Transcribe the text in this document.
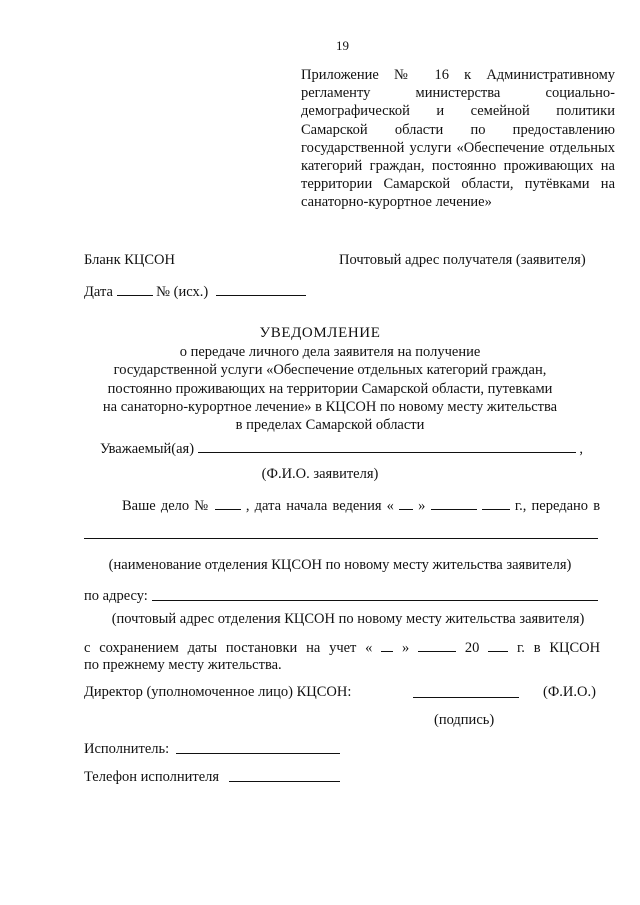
19
Приложение № 16 к Административному регламенту министерства социально-демографической и семейной политики Самарской области по предоставлению государственной услуги «Обеспечение отдельных категорий граждан, постоянно проживающих на территории Самарской области, путёвками на санаторно-курортное лечение»
Бланк КЦСОН	Почтовый адрес получателя (заявителя)
Дата	№ (исх.)
УВЕДОМЛЕНИЕ
о передаче личного дела заявителя на получение
государственной услуги «Обеспечение отдельных категорий граждан,
постоянно проживающих на территории Самарской области, путевками
на санаторно-курортное лечение» в КЦСОН по новому месту жительства
в пределах Самарской области
Уважаемый(ая)	,
(Ф.И.О. заявителя)
Ваше дело №	, дата начала ведения « »	г., передано в
(наименование отделения КЦСОН по новому месту жительства заявителя)
по адресу:
(почтовый адрес отделения КЦСОН по новому месту жительства заявителя)
с сохранением даты постановки на учет « »	20	г. в КЦСОН
по прежнему месту жительства.
Директор (уполномоченное лицо) КЦСОН:	(Ф.И.О.)
(подпись)
Исполнитель:
Телефон исполнителя
